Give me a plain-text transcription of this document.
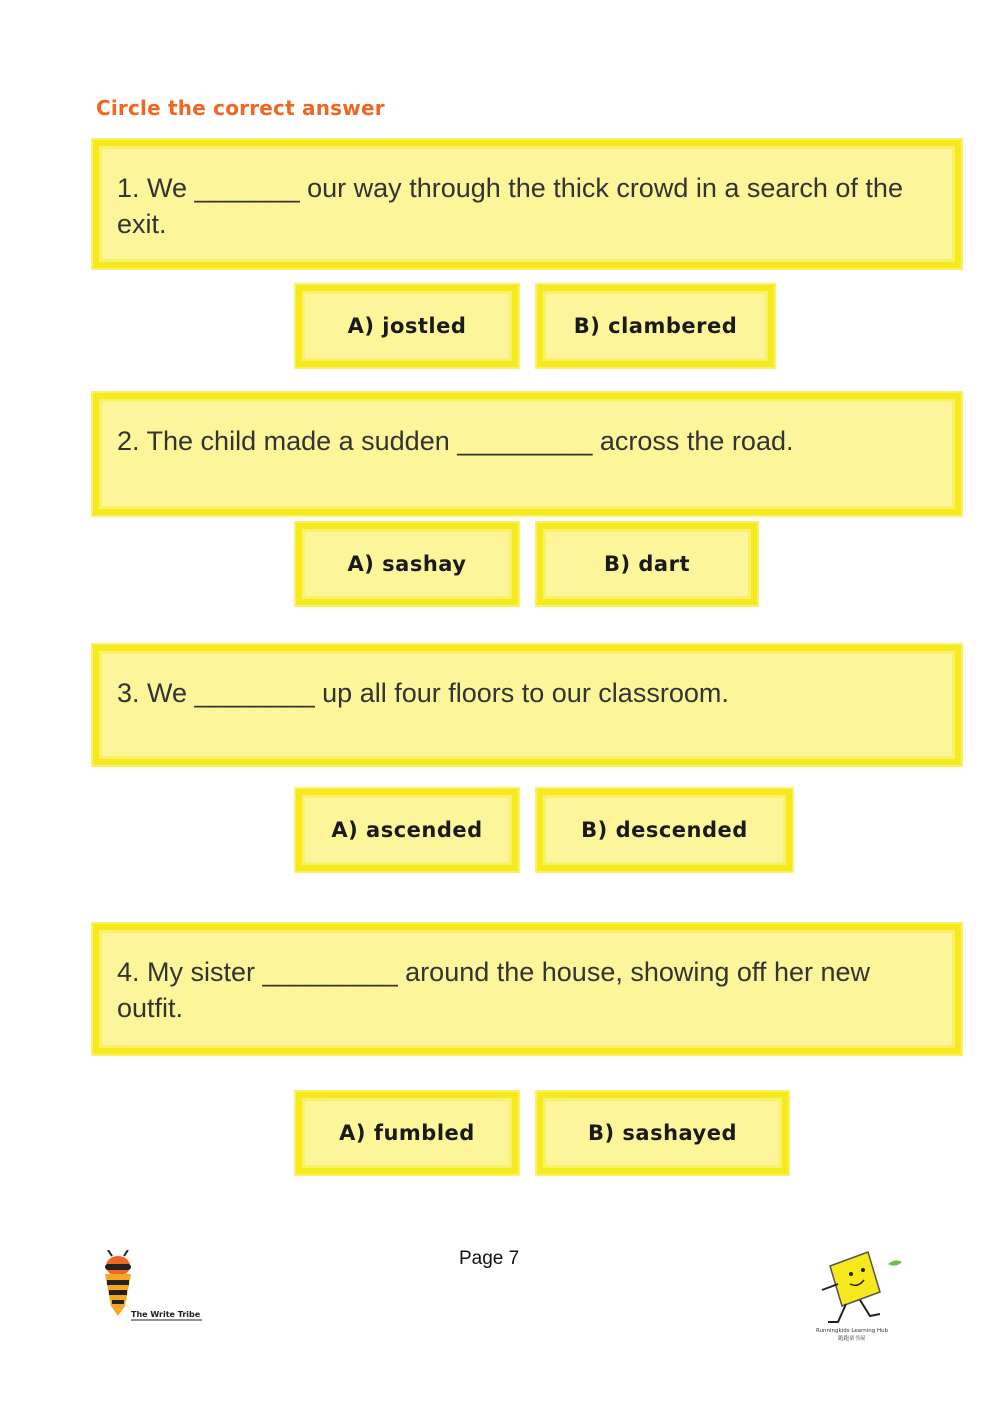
Circle the correct answer
1. We _______ our way through the thick crowd in a search of the exit.
A) jostled	B) clambered
2. The child made a sudden _________ across the road.
A) sashay	B) dart
3. We ________ up all four floors to our classroom.
A) ascended	B) descended
4. My sister _________ around the house, showing off her new outfit.
A) fumbled	B) sashayed
Page 7
The Write Tribe
Runningkids Learning Hub
跑跑童书屋
